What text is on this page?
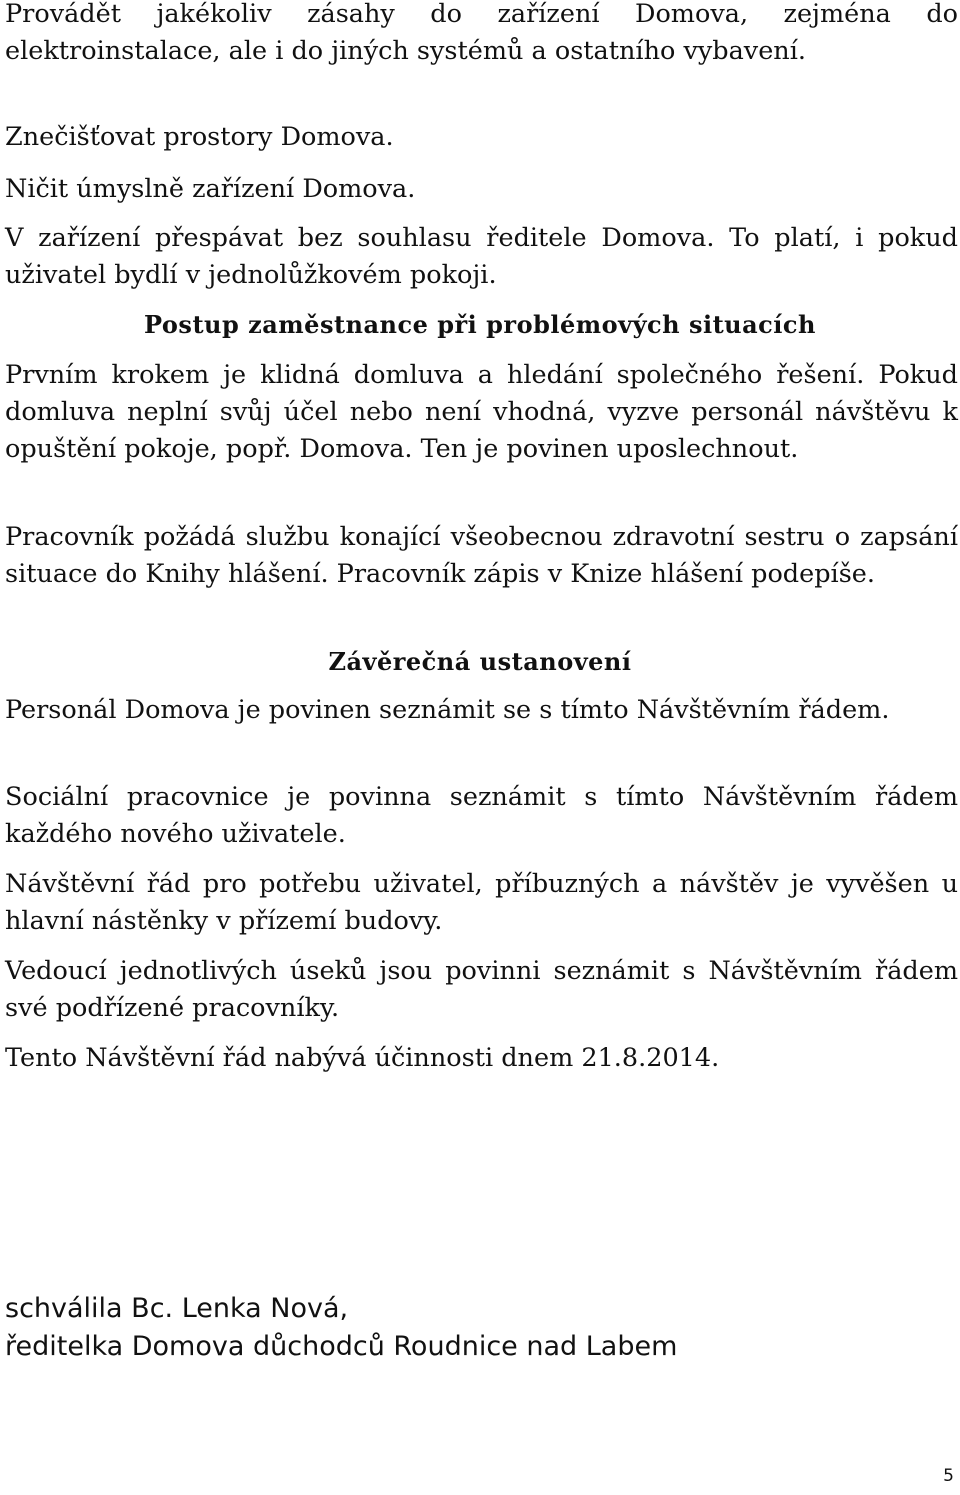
Provádět jakékoliv zásahy do zařízení Domova, zejména do elektroinstalace, ale i do jiných systémů a ostatního vybavení.

Znečišťovat prostory Domova.

Ničit úmyslně zařízení Domova.

V zařízení přespávat bez souhlasu ředitele Domova. To platí, i pokud uživatel bydlí v jednolůžkovém pokoji.

Postup zaměstnance při problémových situacích

Prvním krokem je klidná domluva a hledání společného řešení. Pokud domluva neplní svůj účel nebo není vhodná, vyzve personál návštěvu k opuštění pokoje, popř. Domova. Ten je povinen uposlechnout.

Pracovník požádá službu konající všeobecnou zdravotní sestru o zapsání situace do Knihy hlášení. Pracovník zápis v Knize hlášení podepíše.

Závěrečná ustanovení

Personál Domova je povinen seznámit se s tímto Návštěvním řádem.

Sociální pracovnice je povinna seznámit s tímto Návštěvním řádem každého nového uživatele.

Návštěvní řád pro potřebu uživatel, příbuzných a návštěv je vyvěšen u hlavní nástěnky v přízemí budovy.

Vedoucí jednotlivých úseků jsou povinni seznámit s Návštěvním řádem své podřízené pracovníky.

Tento Návštěvní řád nabývá účinnosti dnem 21.8.2014.

schválila Bc. Lenka Nová,

ředitelka Domova důchodců Roudnice nad Labem

5
